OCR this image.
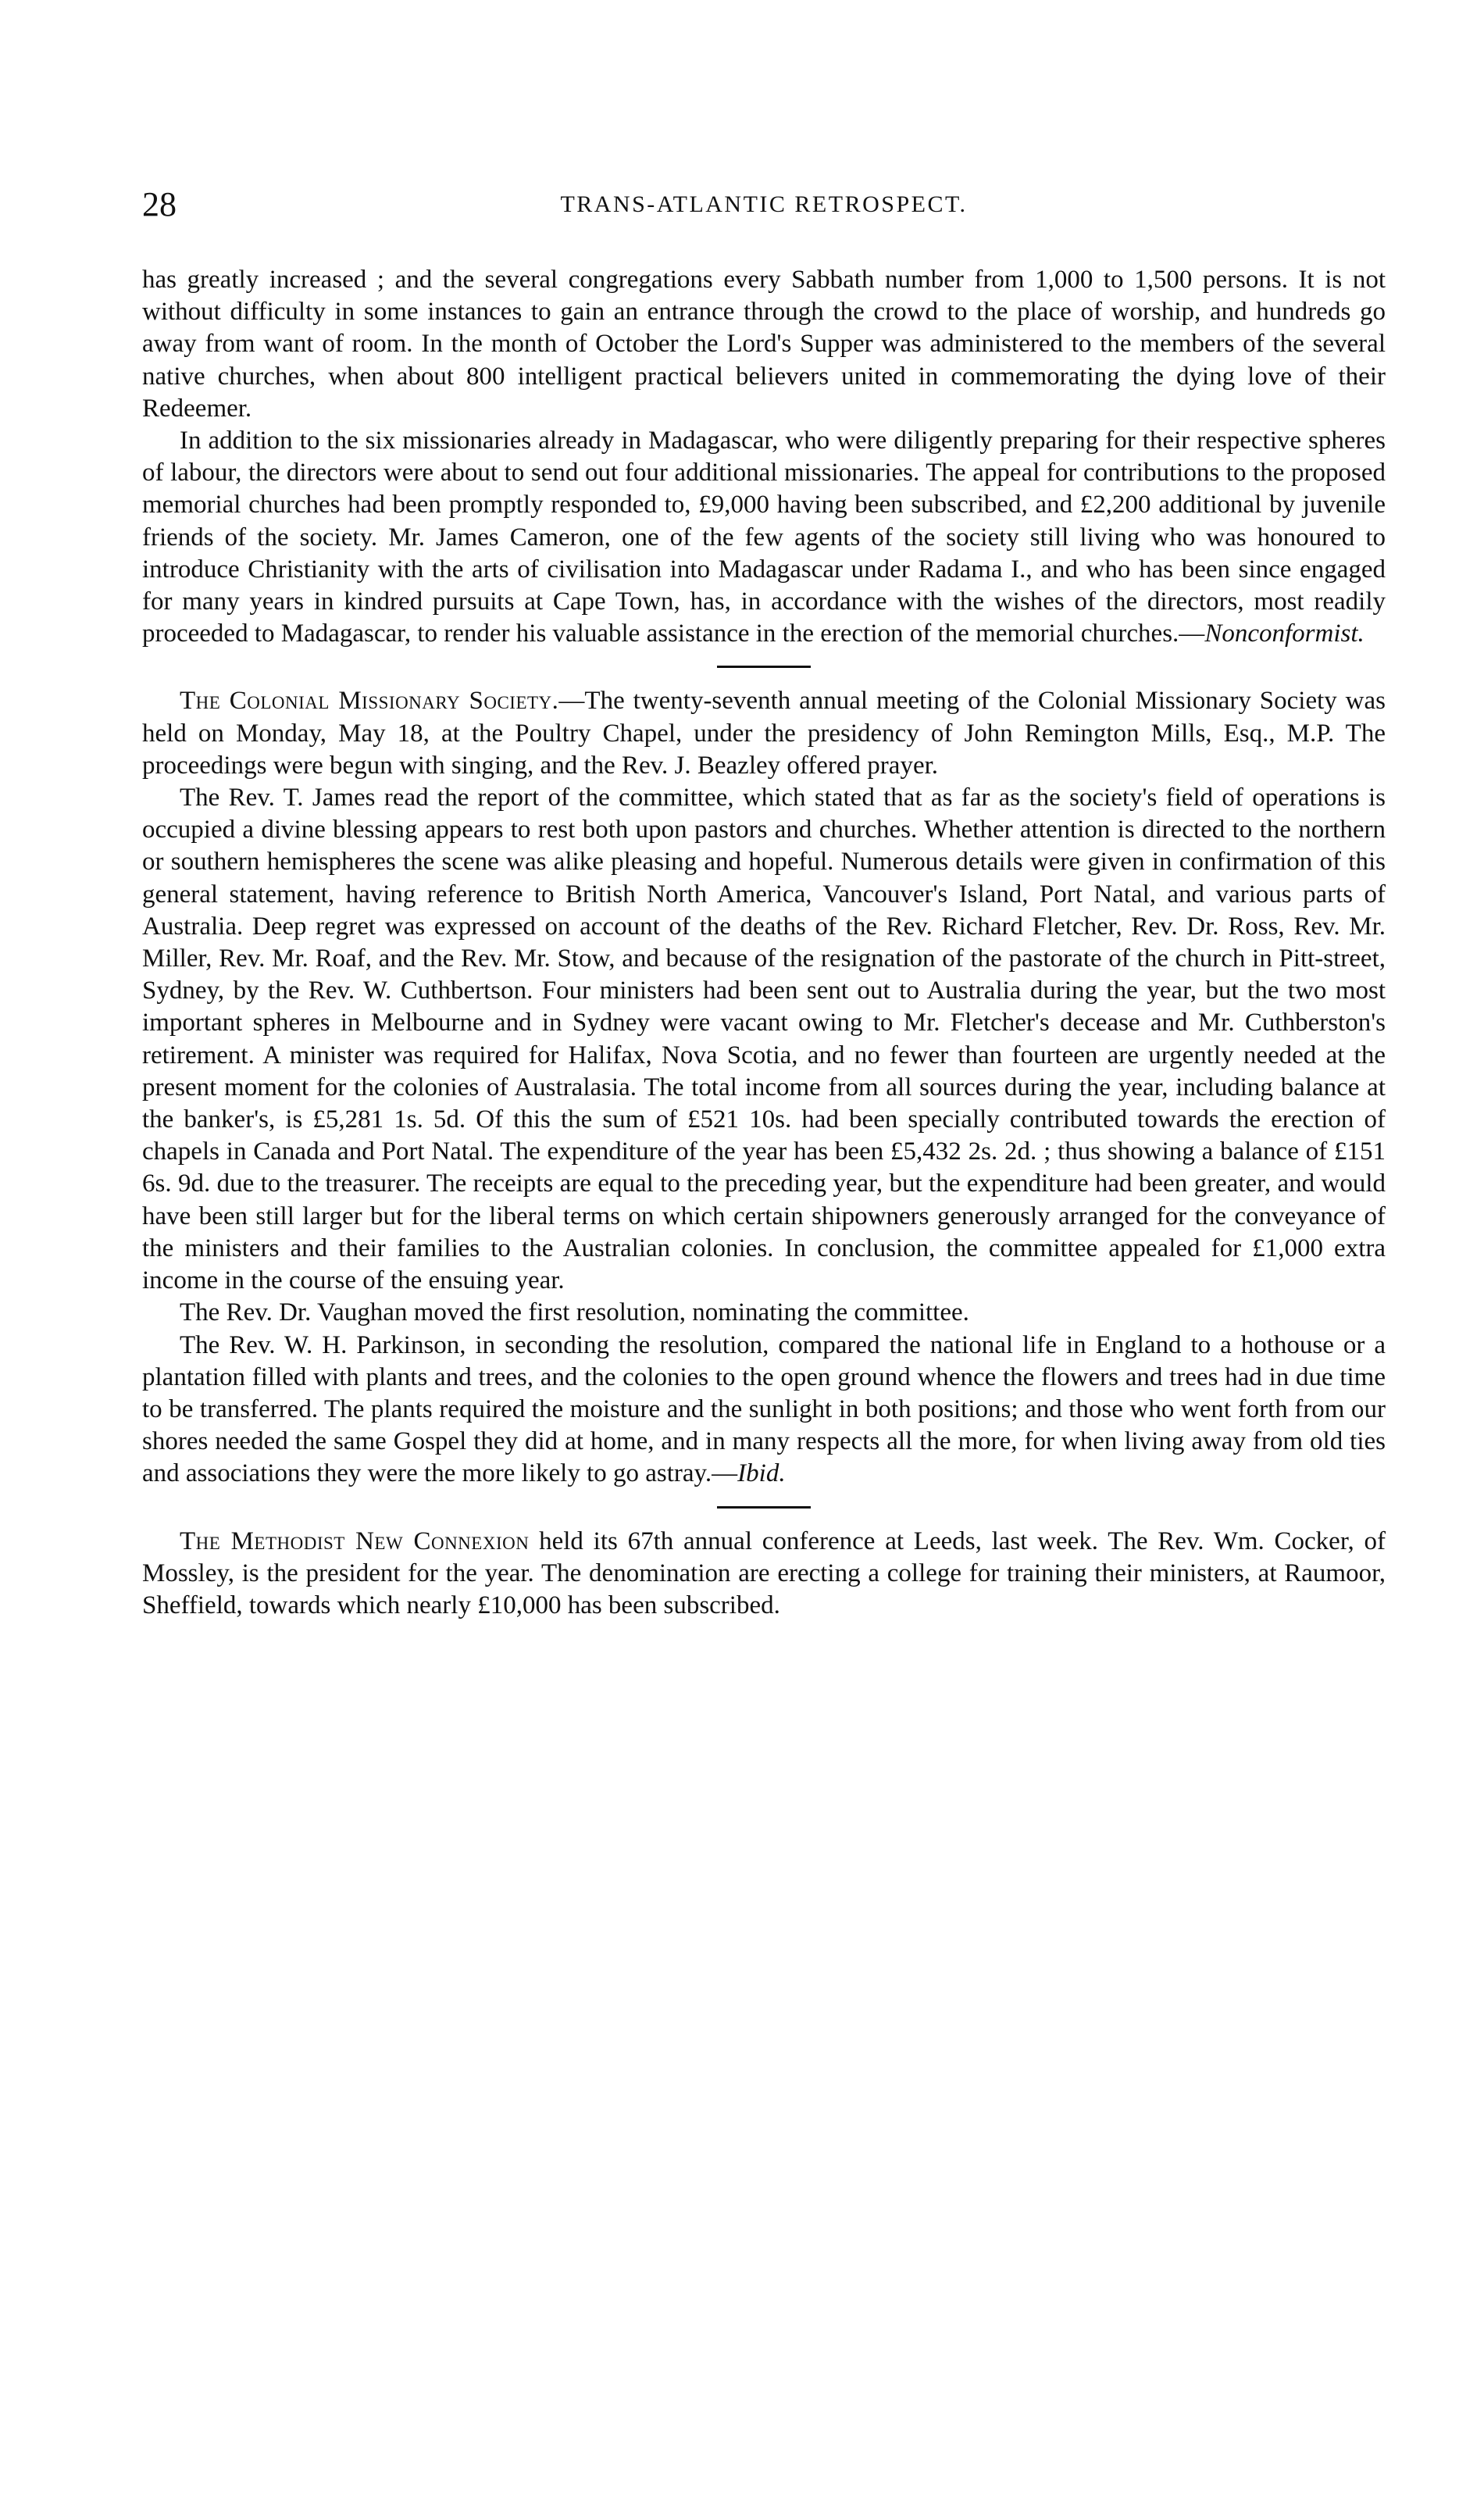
28	TRANS-ATLANTIC RETROSPECT.

has greatly increased ; and the several congregations every Sabbath number from 1,000 to 1,500 persons. It is not without difficulty in some instances to gain an entrance through the crowd to the place of worship, and hundreds go away from want of room. In the month of October the Lord's Supper was administered to the members of the several native churches, when about 800 intelligent practical believers united in commemorating the dying love of their Redeemer.

In addition to the six missionaries already in Madagascar, who were diligently preparing for their respective spheres of labour, the directors were about to send out four additional missionaries. The appeal for contributions to the proposed memorial churches had been promptly responded to, £9,000 having been subscribed, and £2,200 additional by juvenile friends of the society. Mr. James Cameron, one of the few agents of the society still living who was honoured to introduce Christianity with the arts of civilisation into Madagascar under Radama I., and who has been since engaged for many years in kindred pursuits at Cape Town, has, in accordance with the wishes of the directors, most readily proceeded to Madagascar, to render his valuable assistance in the erection of the memorial churches.—Nonconformist.

The Colonial Missionary Society.—The twenty-seventh annual meeting of the Colonial Missionary Society was held on Monday, May 18, at the Poultry Chapel, under the presidency of John Remington Mills, Esq., M.P. The proceedings were begun with singing, and the Rev. J. Beazley offered prayer.

The Rev. T. James read the report of the committee, which stated that as far as the society's field of operations is occupied a divine blessing appears to rest both upon pastors and churches. Whether attention is directed to the northern or southern hemispheres the scene was alike pleasing and hopeful. Numerous details were given in confirmation of this general statement, having reference to British North America, Vancouver's Island, Port Natal, and various parts of Australia. Deep regret was expressed on account of the deaths of the Rev. Richard Fletcher, Rev. Dr. Ross, Rev. Mr. Miller, Rev. Mr. Roaf, and the Rev. Mr. Stow, and because of the resignation of the pastorate of the church in Pitt-street, Sydney, by the Rev. W. Cuthbertson. Four ministers had been sent out to Australia during the year, but the two most important spheres in Melbourne and in Sydney were vacant owing to Mr. Fletcher's decease and Mr. Cuthberston's retirement. A minister was required for Halifax, Nova Scotia, and no fewer than fourteen are urgently needed at the present moment for the colonies of Australasia. The total income from all sources during the year, including balance at the banker's, is £5,281 1s. 5d. Of this the sum of £521 10s. had been specially contributed towards the erection of chapels in Canada and Port Natal. The expenditure of the year has been £5,432 2s. 2d. ; thus showing a balance of £151 6s. 9d. due to the treasurer. The receipts are equal to the preceding year, but the expenditure had been greater, and would have been still larger but for the liberal terms on which certain shipowners generously arranged for the conveyance of the ministers and their families to the Australian colonies. In conclusion, the committee appealed for £1,000 extra income in the course of the ensuing year.

The Rev. Dr. Vaughan moved the first resolution, nominating the committee.

The Rev. W. H. Parkinson, in seconding the resolution, compared the national life in England to a hothouse or a plantation filled with plants and trees, and the colonies to the open ground whence the flowers and trees had in due time to be transferred. The plants required the moisture and the sunlight in both positions; and those who went forth from our shores needed the same Gospel they did at home, and in many respects all the more, for when living away from old ties and associations they were the more likely to go astray.—Ibid.

The Methodist New Connexion held its 67th annual conference at Leeds, last week. The Rev. Wm. Cocker, of Mossley, is the president for the year. The denomination are erecting a college for training their ministers, at Raumoor, Sheffield, towards which nearly £10,000 has been subscribed.
